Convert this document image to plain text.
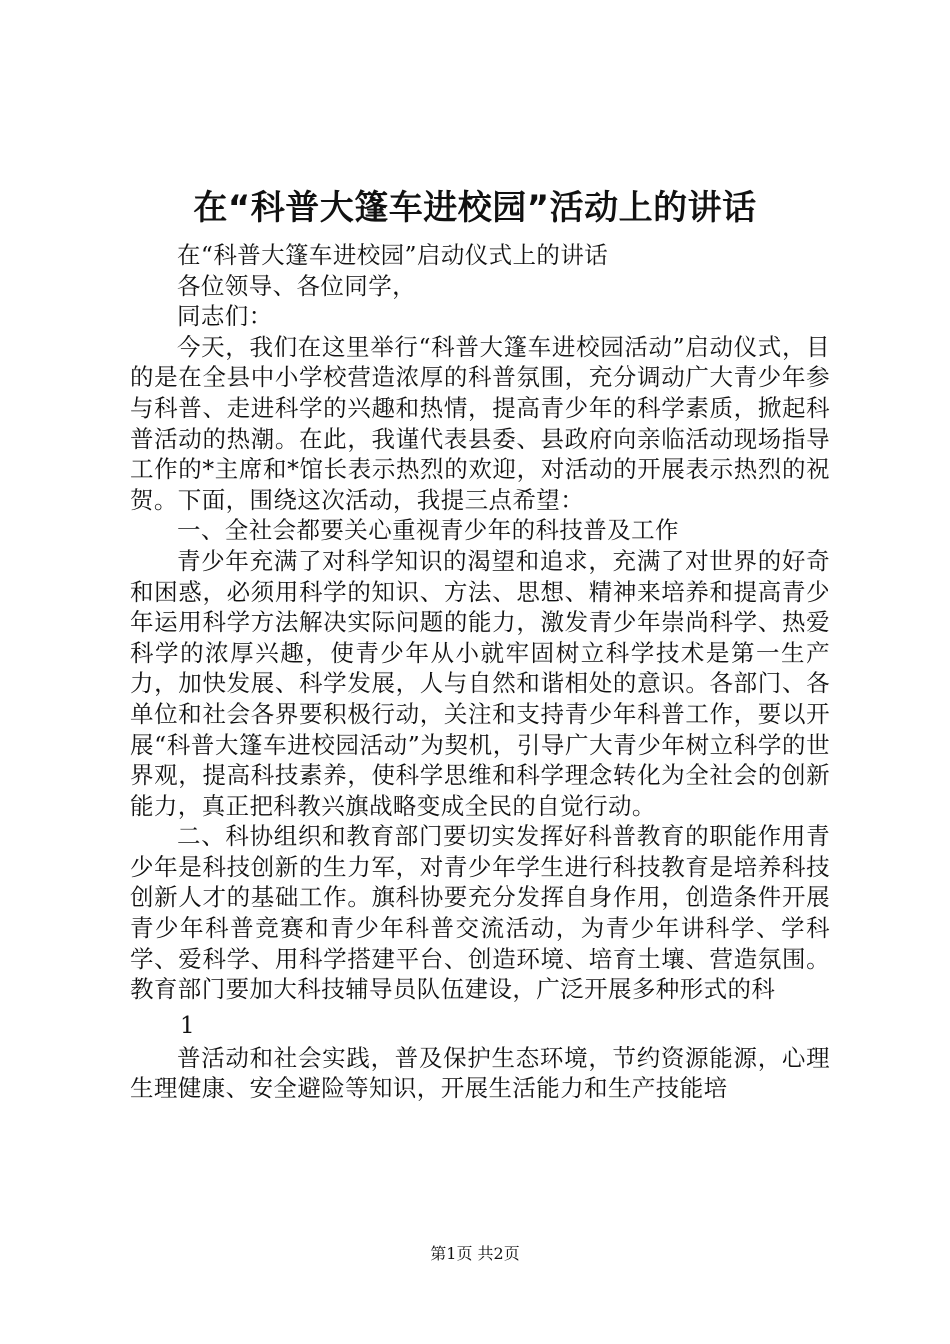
在“科普大篷车进校园”活动上的讲话

在“科普大篷车进校园”启动仪式上的讲话

各位领导、各位同学，

同志们：

今天，我们在这里举行“科普大篷车进校园活动”启动仪式，目的是在全县中小学校营造浓厚的科普氛围，充分调动广大青少年参与科普、走进科学的兴趣和热情，提高青少年的科学素质，掀起科普活动的热潮。在此，我谨代表县委、县政府向亲临活动现场指导工作的*主席和*馆长表示热烈的欢迎，对活动的开展表示热烈的祝贺。下面，围绕这次活动，我提三点希望：

一、全社会都要关心重视青少年的科技普及工作

青少年充满了对科学知识的渴望和追求，充满了对世界的好奇和困惑，必须用科学的知识、方法、思想、精神来培养和提高青少年运用科学方法解决实际问题的能力，激发青少年崇尚科学、热爱科学的浓厚兴趣，使青少年从小就牢固树立科学技术是第一生产力，加快发展、科学发展，人与自然和谐相处的意识。各部门、各单位和社会各界要积极行动，关注和支持青少年科普工作，要以开展“科普大篷车进校园活动”为契机，引导广大青少年树立科学的世界观，提高科技素养，使科学思维和科学理念转化为全社会的创新能力，真正把科教兴旗战略变成全民的自觉行动。

二、科协组织和教育部门要切实发挥好科普教育的职能作用青少年是科技创新的生力军，对青少年学生进行科技教育是培养科技创新人才的基础工作。旗科协要充分发挥自身作用，创造条件开展青少年科普竞赛和青少年科普交流活动，为青少年讲科学、学科学、爱科学、用科学搭建平台、创造环境、培育土壤、营造氛围。教育部门要加大科技辅导员队伍建设，广泛开展多种形式的科

1

普活动和社会实践，普及保护生态环境，节约资源能源，心理生理健康、安全避险等知识，开展生活能力和生产技能培

第1页 共2页
